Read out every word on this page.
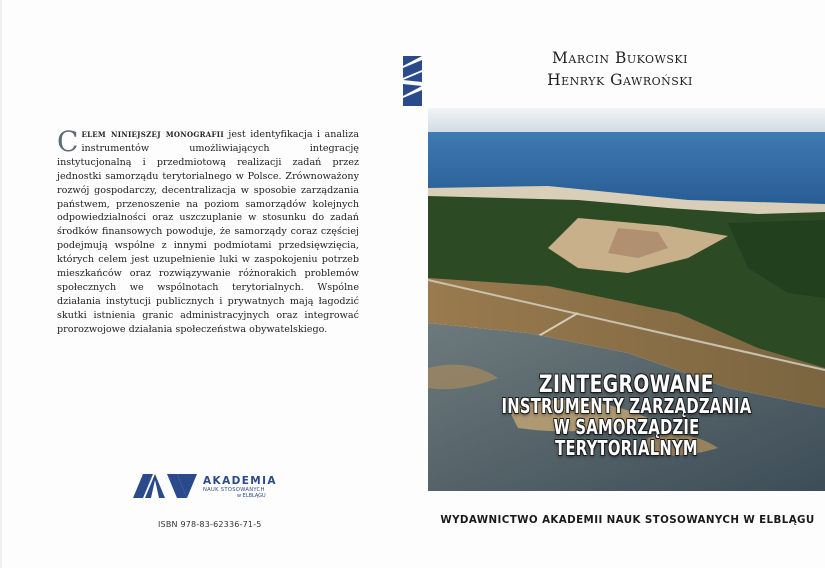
Celem niniejszej monografii jest identyfikacja i analiza instrumentów umożliwiających integrację instytucjonalną i przedmiotową realizacji zadań przez jednostki samorządu terytorialnego w Polsce. Zrównoważony rozwój gospodarczy, decentralizacja w sposobie zarządzania państwem, przenoszenie na poziom samorządów kolejnych odpowiedzialności oraz uszczuplanie w stosunku do zadań środków finansowych powoduje, że samorządy coraz częściej podejmują wspólne z innymi podmiotami przedsięwzięcia, których celem jest uzupełnienie luki w zaspokojeniu potrzeb mieszkańców oraz rozwiązywanie różnorakich problemów społecznych we wspólnotach terytorialnych. Wspólne działania instytucji publicznych i prywatnych mają łagodzić skutki istnienia granic administracyjnych oraz integrować prorozwojowe działania społeczeństwa obywatelskiego.
AKADEMIA
NAUK STOSOWANYCH
w ELBLĄGU
ISBN 978-83-62336-71-5
Marcin Bukowski
Henryk Gawroński
ZINTEGROWANE
INSTRUMENTY ZARZĄDZANIA
W SAMORZĄDZIE TERYTORIALNYM
WYDAWNICTWO AKADEMII NAUK STOSOWANYCH W ELBLĄGU
